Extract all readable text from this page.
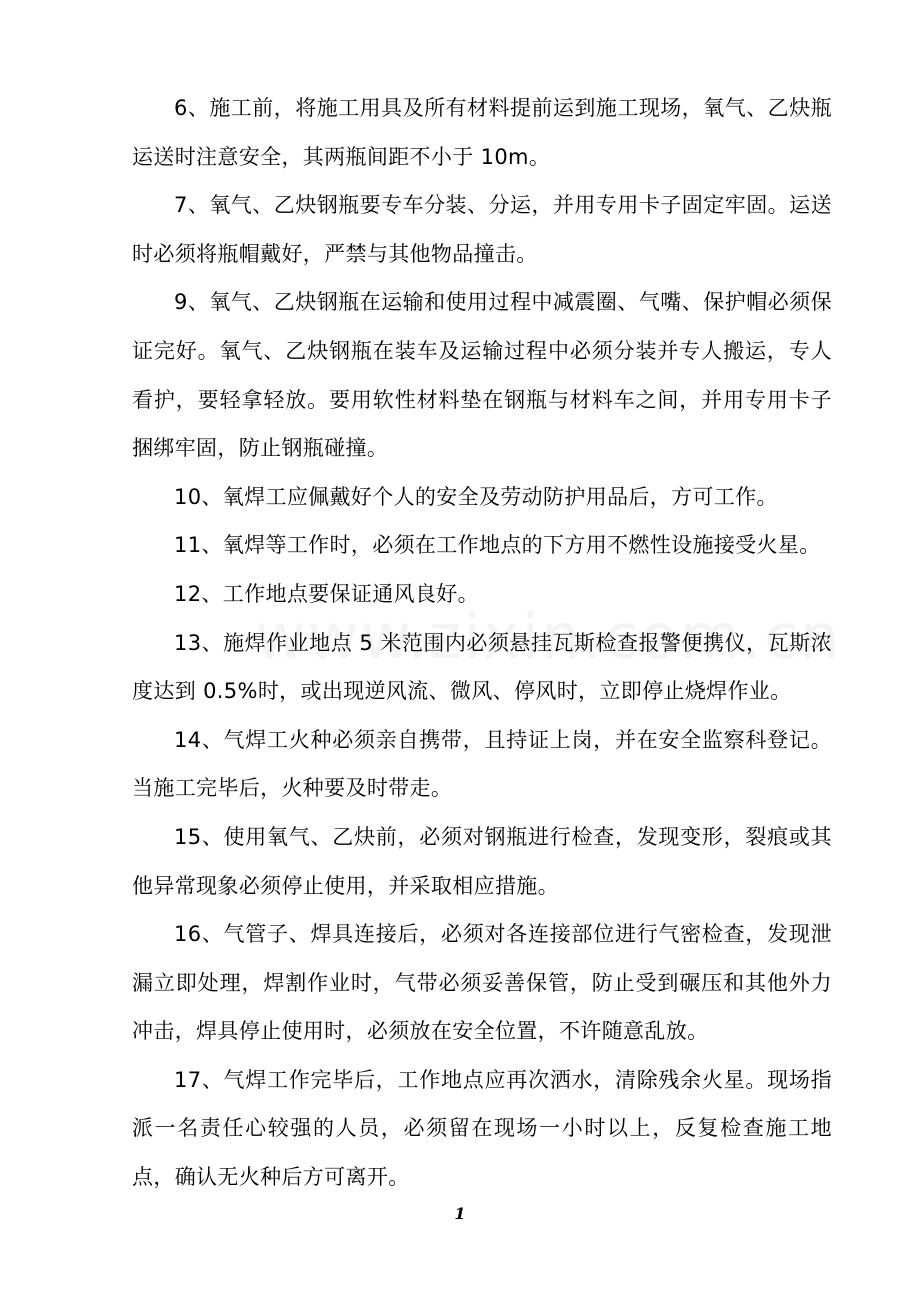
6、施工前，将施工用具及所有材料提前运到施工现场，氧气、乙炔瓶运送时注意安全，其两瓶间距不小于 10m。

7、氧气、乙炔钢瓶要专车分装、分运，并用专用卡子固定牢固。运送时必须将瓶帽戴好，严禁与其他物品撞击。

9、氧气、乙炔钢瓶在运输和使用过程中减震圈、气嘴、保护帽必须保证完好。氧气、乙炔钢瓶在装车及运输过程中必须分装并专人搬运，专人看护，要轻拿轻放。要用软性材料垫在钢瓶与材料车之间，并用专用卡子捆绑牢固，防止钢瓶碰撞。

10、氧焊工应佩戴好个人的安全及劳动防护用品后，方可工作。

11、氧焊等工作时，必须在工作地点的下方用不燃性设施接受火星。

12、工作地点要保证通风良好。

13、施焊作业地点 5 米范围内必须悬挂瓦斯检查报警便携仪，瓦斯浓度达到 0.5%时，或出现逆风流、微风、停风时，立即停止烧焊作业。

14、气焊工火种必须亲自携带，且持证上岗，并在安全监察科登记。当施工完毕后，火种要及时带走。

15、使用氧气、乙炔前，必须对钢瓶进行检查，发现变形，裂痕或其他异常现象必须停止使用，并采取相应措施。

16、气管子、焊具连接后，必须对各连接部位进行气密检查，发现泄漏立即处理，焊割作业时，气带必须妥善保管，防止受到碾压和其他外力冲击，焊具停止使用时，必须放在安全位置，不许随意乱放。

17、气焊工作完毕后，工作地点应再次洒水，清除残余火星。现场指派一名责任心较强的人员，必须留在现场一小时以上，反复检查施工地点，确认无火种后方可离开。

1
